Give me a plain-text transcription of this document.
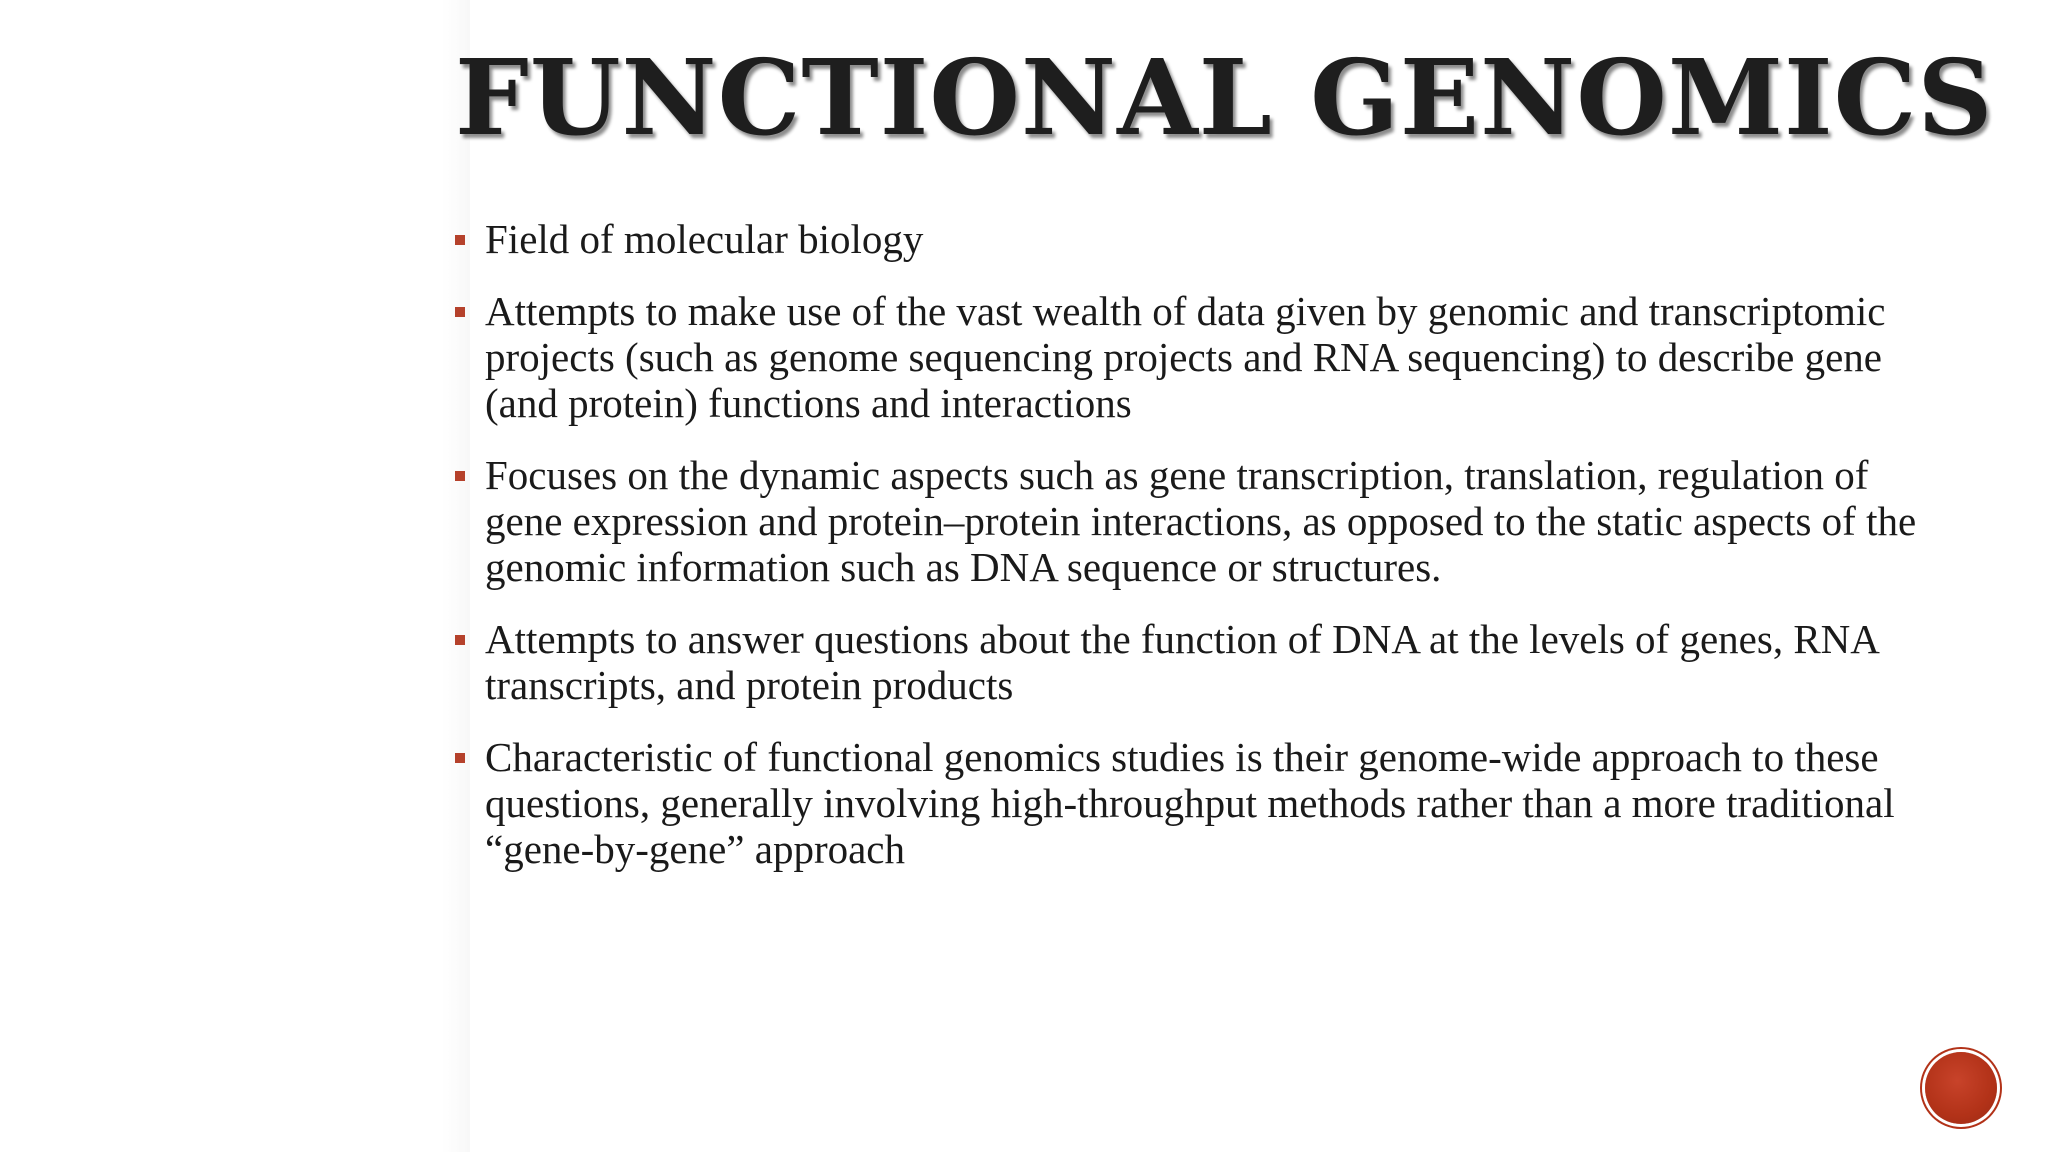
FUNCTIONAL GENOMICS
Field of molecular biology
Attempts to make use of the vast wealth of data given by genomic and transcriptomic projects (such as genome sequencing projects and RNA sequencing) to describe gene (and protein) functions and interactions
Focuses on the dynamic aspects such as gene transcription, translation, regulation of gene expression and protein–protein interactions, as opposed to the static aspects of the genomic information such as DNA sequence or structures.
Attempts to answer questions about the function of DNA at the levels of genes, RNA transcripts, and protein products
Characteristic of functional genomics studies is their genome-wide approach to these questions, generally involving high-throughput methods rather than a more traditional “gene-by-gene” approach
